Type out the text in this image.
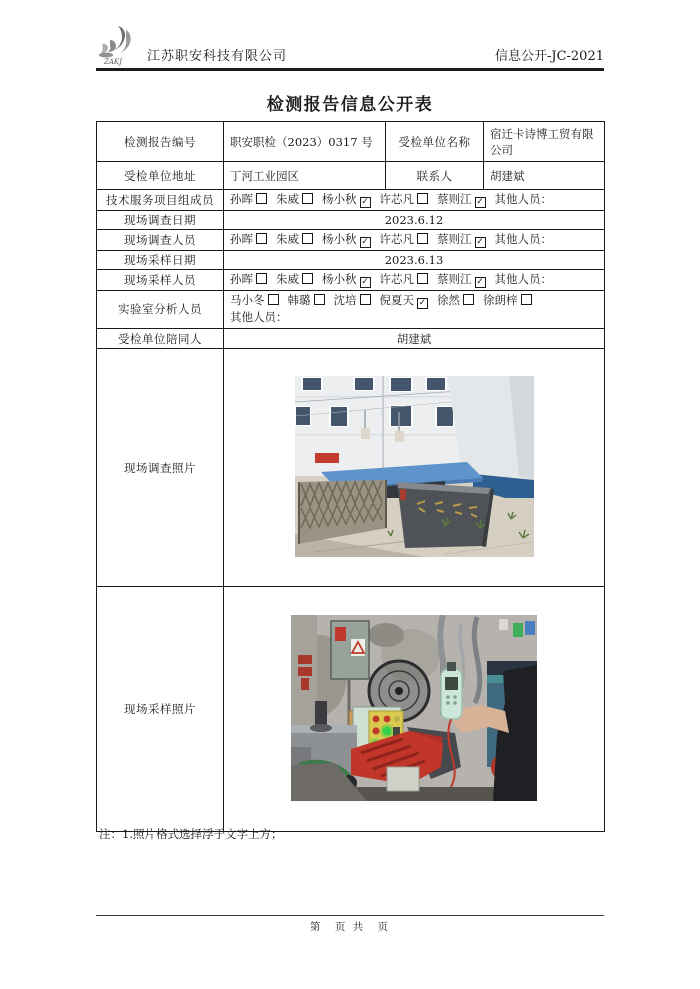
ZAKJ 江苏职安科技有限公司	信息公开-JC-2021
检测报告信息公开表
检测报告编号	职安职检（2023）0317 号	受检单位名称	宿迁卡诗博工贸有限公司
受检单位地址	丁河工业园区	联系人	胡建斌
技术服务项目组成员	孙晖 朱威 杨小秋 ✓ 许芯凡 蔡则江 ✓ 其他人员：		
现场调查日期	2023.6.12		
现场调查人员	孙晖 朱威 杨小秋 ✓ 许芯凡 蔡则江 ✓ 其他人员：		
现场采样日期	2023.6.13		
现场采样人员	孙晖 朱威 杨小秋 ✓ 许芯凡 蔡则江 ✓ 其他人员：		
实验室分析人员	马小冬 韩璐 沈培 倪夏天 ✓ 徐然 徐朗梓
其他人员：		

受检单位陪同人	胡建斌		
现场调查照片	
现场采样照片	
注：1.照片格式选择浮于文字上方；
第　页 共　页
